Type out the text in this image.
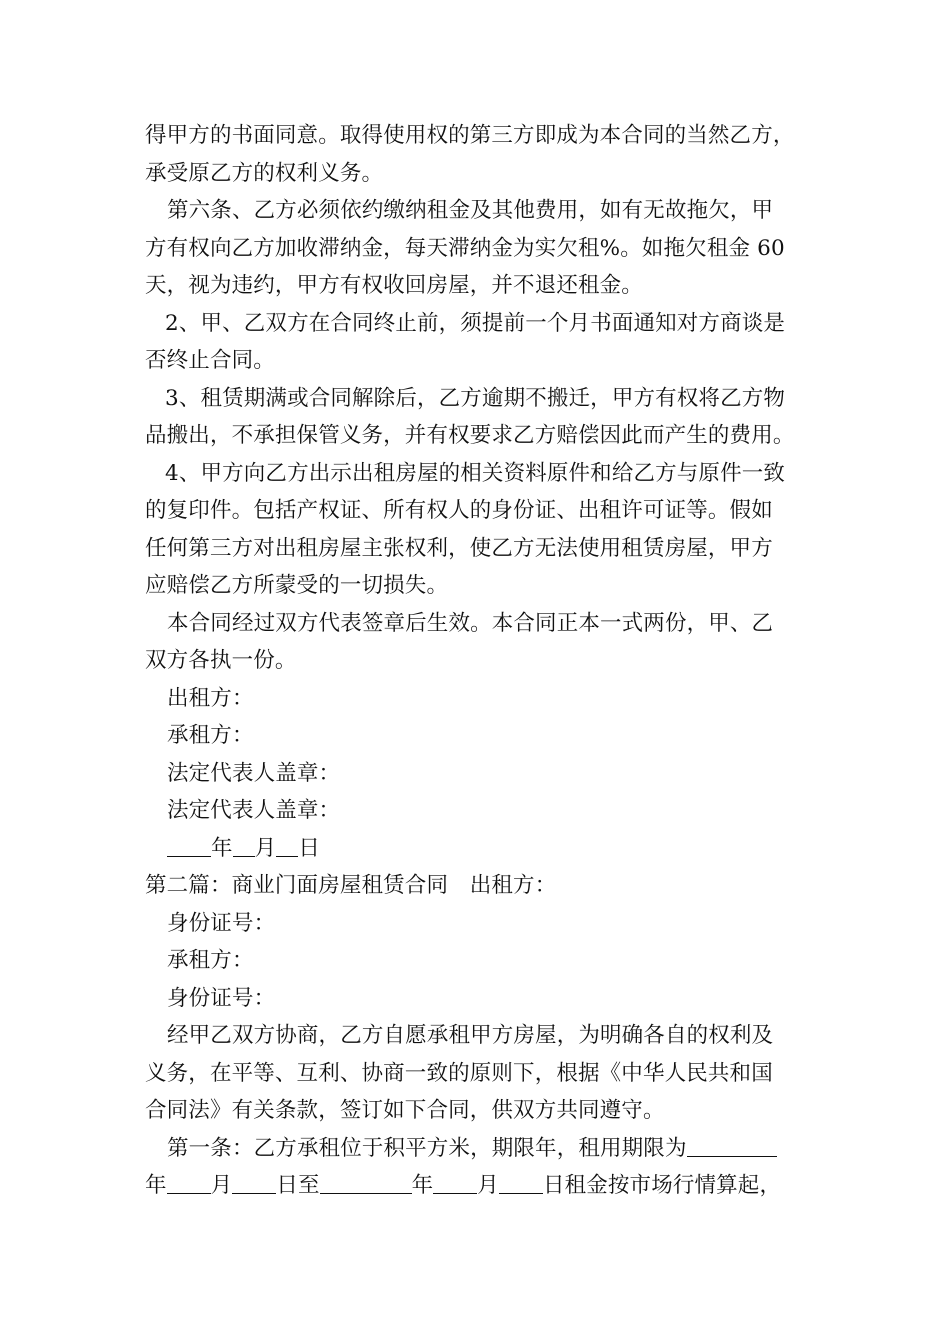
得甲方的书面同意。取得使用权的第三方即成为本合同的当然乙方，
承受原乙方的权利义务。
第六条、乙方必须依约缴纳租金及其他费用，如有无故拖欠，甲
方有权向乙方加收滞纳金，每天滞纳金为实欠租%。如拖欠租金 60
天，视为违约，甲方有权收回房屋，并不退还租金。
2、甲、乙双方在合同终止前，须提前一个月书面通知对方商谈是
否终止合同。
3、租赁期满或合同解除后，乙方逾期不搬迁，甲方有权将乙方物
品搬出，不承担保管义务，并有权要求乙方赔偿因此而产生的费用。
4、甲方向乙方出示出租房屋的相关资料原件和给乙方与原件一致
的复印件。包括产权证、所有权人的身份证、出租许可证等。假如
任何第三方对出租房屋主张权利，使乙方无法使用租赁房屋，甲方
应赔偿乙方所蒙受的一切损失。
本合同经过双方代表签章后生效。本合同正本一式两份，甲、乙
双方各执一份。
出租方：
承租方：
法定代表人盖章：
法定代表人盖章：
年 月 日
第二篇：商业门面房屋租赁合同　出租方：
身份证号：
承租方：
身份证号：
经甲乙双方协商，乙方自愿承租甲方房屋，为明确各自的权利及
义务，在平等、互利、协商一致的原则下，根据《中华人民共和国
合同法》有关条款，签订如下合同，供双方共同遵守。
第一条：乙方承租位于积平方米，期限年，租用期限为
年 月 日至	年 月 日租金按市场行情算起，
